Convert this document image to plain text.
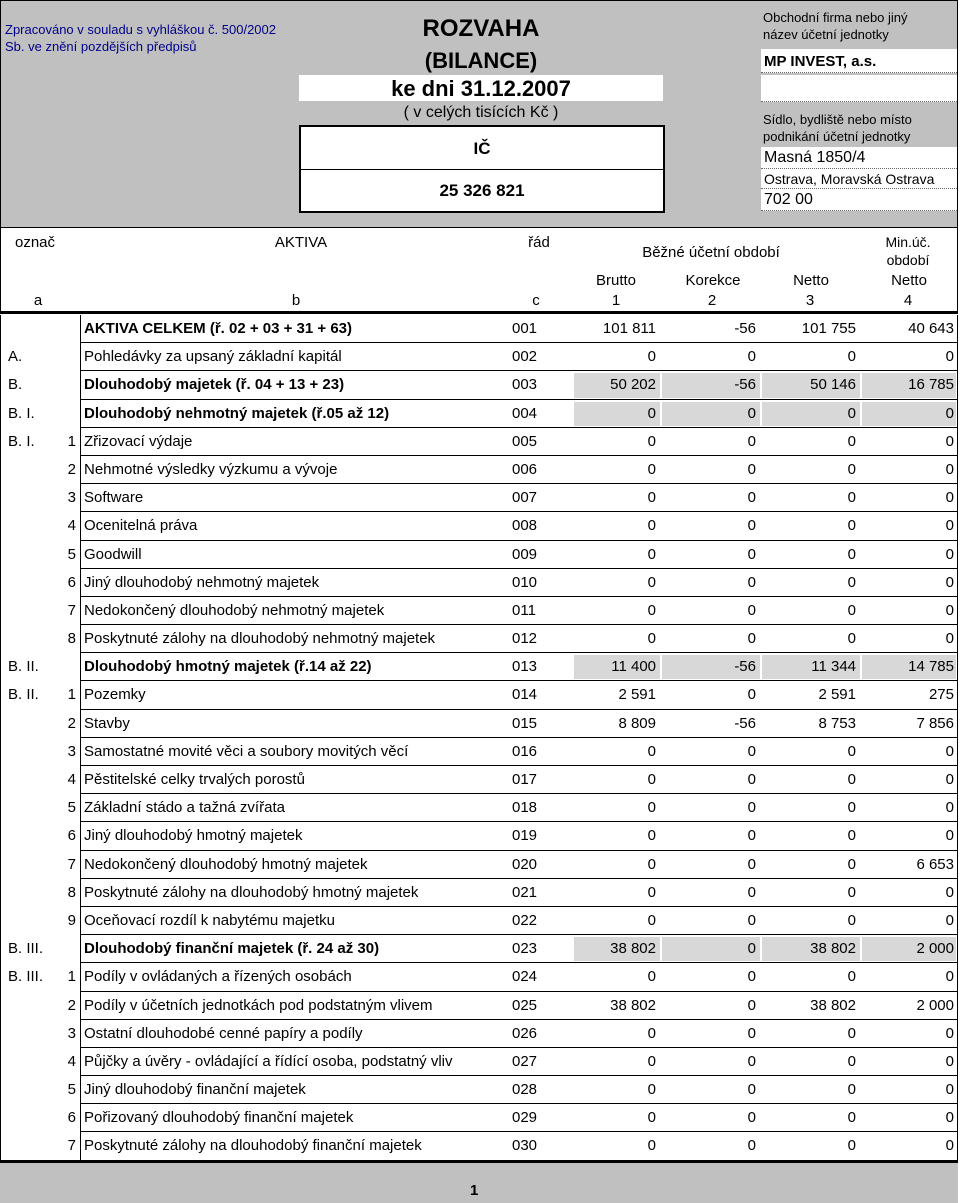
Zpracováno v souladu s vyhláškou č. 500/2002
Sb. ve znění pozdějších předpisů
ROZVAHA
(BILANCE)
ke dni 31.12.2007
( v celých tisících Kč )
IČ
25 326 821
Obchodní firma nebo jiný
název účetní jednotky
MP INVEST, a.s.
Sídlo, bydliště nebo místo
podnikání účetní jednotky
Masná 1850/4
Ostrava, Moravská Ostrava
702 00
označ	AKTIVA	řád
Běžné účetní období
Min.úč.
období
Brutto	Korekce	Netto	Netto
a	b	c	1	2	3	4
AKTIVA CELKEM (ř. 02 + 03 + 31 + 63)	001	101 811	-56	101 755	40 643
A.	Pohledávky za upsaný základní kapitál	002	0	0	0	0
B.	Dlouhodobý majetek (ř. 04 + 13 + 23)	003	50 202	-56	50 146	16 785
B. I.	Dlouhodobý nehmotný majetek (ř.05 až 12)	004	0	0	0	0
B. I.	1 Zřizovací výdaje	005	0	0	0	0
2 Nehmotné výsledky výzkumu a vývoje	006	0	0	0	0
3 Software	007	0	0	0	0
4 Ocenitelná práva	008	0	0	0	0
5 Goodwill	009	0	0	0	0
6 Jiný dlouhodobý nehmotný majetek	010	0	0	0	0
7 Nedokončený dlouhodobý nehmotný majetek	011	0	0	0	0
8 Poskytnuté zálohy na dlouhodobý nehmotný majetek	012	0	0	0	0
B. II.	Dlouhodobý hmotný majetek (ř.14 až 22)	013	11 400	-56	11 344	14 785
B. II.	1 Pozemky	014	2 591	0	2 591	275
2 Stavby	015	8 809	-56	8 753	7 856
3 Samostatné movité věci a soubory movitých věcí	016	0	0	0	0
4 Pěstitelské celky trvalých porostů	017	0	0	0	0
5 Základní stádo a tažná zvířata	018	0	0	0	0
6 Jiný dlouhodobý hmotný majetek	019	0	0	0	0
7 Nedokončený dlouhodobý hmotný majetek	020	0	0	0	6 653
8 Poskytnuté zálohy na dlouhodobý hmotný majetek	021	0	0	0	0
9 Oceňovací rozdíl k nabytému majetku	022	0	0	0	0
B. III.	Dlouhodobý finanční majetek (ř. 24 až 30)	023	38 802	0	38 802	2 000
B. III.	1 Podíly v ovládaných a řízených osobách	024	0	0	0	0
2 Podíly v účetních jednotkách pod podstatným vlivem	025	38 802	0	38 802	2 000
3 Ostatní dlouhodobé cenné papíry a podíly	026	0	0	0	0
4 Půjčky a úvěry - ovládající a řídící osoba, podstatný vliv	027	0	0	0	0
5 Jiný dlouhodobý finanční majetek	028	0	0	0	0
6 Pořizovaný dlouhodobý finanční majetek	029	0	0	0	0
7 Poskytnuté zálohy na dlouhodobý finanční majetek	030	0	0	0	0
1
